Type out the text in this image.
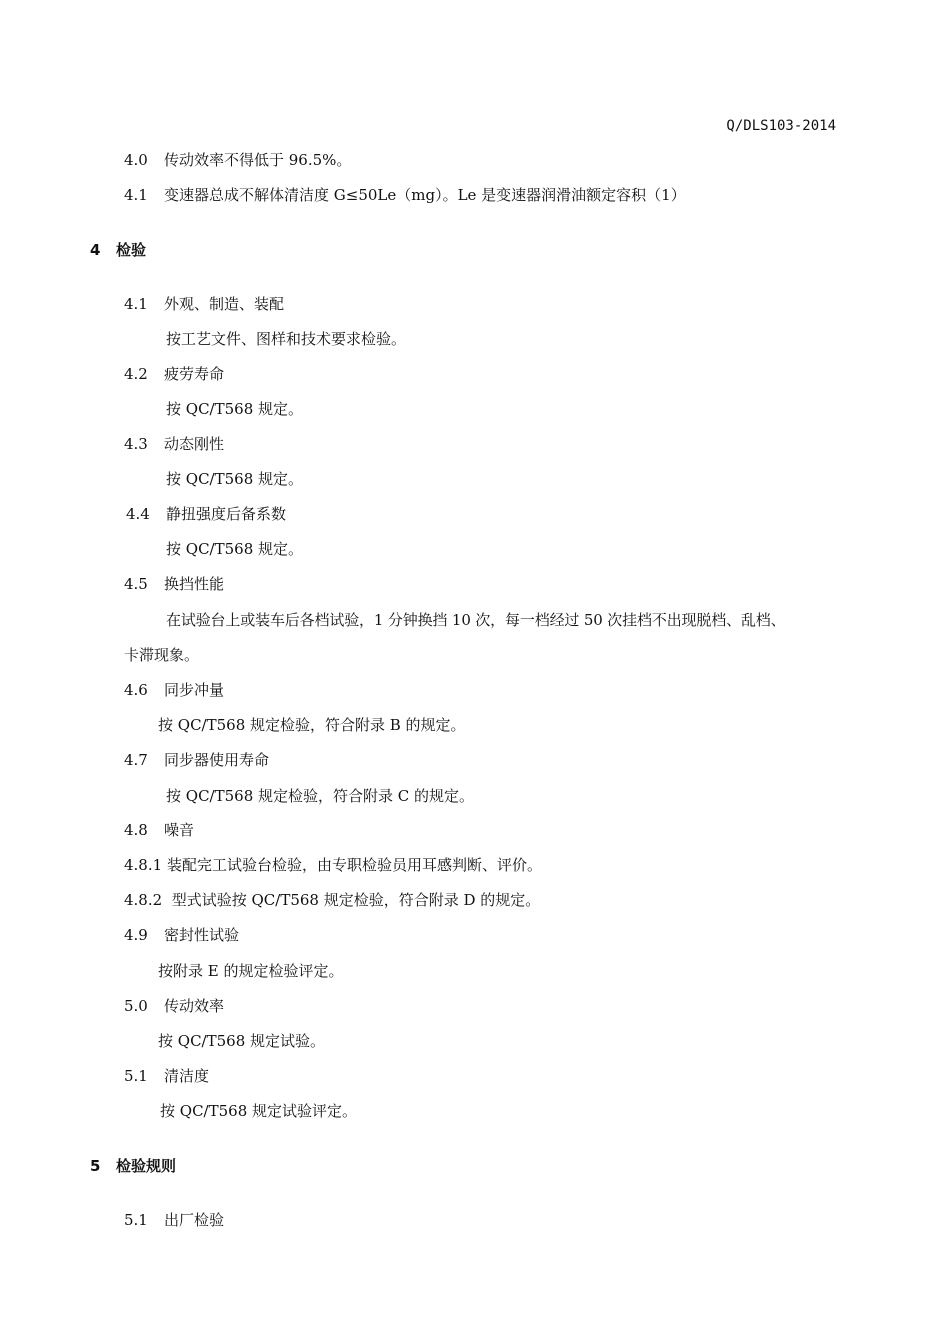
Q/DLS103-2014
4.0 传动效率不得低于 96.5%。
4.1 变速器总成不解体清洁度 G≤50Le（mg）。Le 是变速器润滑油额定容积（1）
4 检验
4.1 外观、制造、装配
按工艺文件、图样和技术要求检验。
4.2 疲劳寿命
按 QC/T568 规定。
4.3 动态刚性
按 QC/T568 规定。
4.4 静扭强度后备系数
按 QC/T568 规定。
4.5 换挡性能
在试验台上或装车后各档试验，1 分钟换挡 10 次，每一档经过 50 次挂档不出现脱档、乱档、
卡滞现象。
4.6 同步冲量
按 QC/T568 规定检验，符合附录 B 的规定。
4.7 同步器使用寿命
按 QC/T568 规定检验，符合附录 C 的规定。
4.8 噪音
4.8.1 装配完工试验台检验，由专职检验员用耳感判断、评价。
4.8.2 型式试验按 QC/T568 规定检验，符合附录 D 的规定。
4.9 密封性试验
按附录 E 的规定检验评定。
5.0 传动效率
按 QC/T568 规定试验。
5.1 清洁度
按 QC/T568 规定试验评定。
5 检验规则
5.1 出厂检验
